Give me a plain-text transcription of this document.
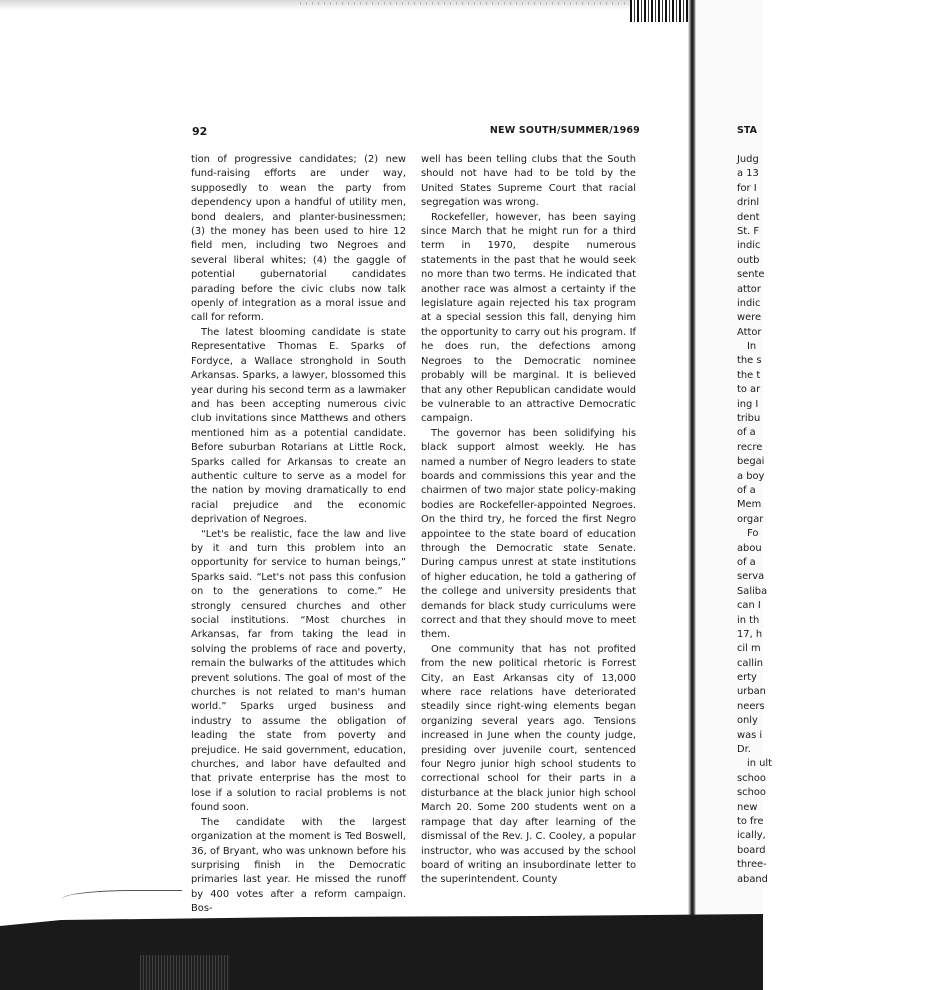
92	NEW SOUTH/SUMMER/1969

tion of progressive candidates; (2) new fund-raising efforts are under way, supposedly to wean the party from dependency upon a handful of utility men, bond dealers, and planter-businessmen; (3) the money has been used to hire 12 field men, including two Negroes and several liberal whites; (4) the gaggle of potential gubernatorial candidates parading before the civic clubs now talk openly of integration as a moral issue and call for reform.

The latest blooming candidate is state Representative Thomas E. Sparks of Fordyce, a Wallace stronghold in South Arkansas. Sparks, a lawyer, blossomed this year during his second term as a lawmaker and has been accepting numerous civic club invitations since Matthews and others mentioned him as a potential candidate. Before suburban Rotarians at Little Rock, Sparks called for Arkansas to create an authentic culture to serve as a model for the nation by moving dramatically to end racial prejudice and the economic deprivation of Negroes.

“Let's be realistic, face the law and live by it and turn this problem into an opportunity for service to human beings,” Sparks said. “Let's not pass this confusion on to the generations to come.” He strongly censured churches and other social institutions. “Most churches in Arkansas, far from taking the lead in solving the problems of race and poverty, remain the bulwarks of the attitudes which prevent solutions. The goal of most of the churches is not related to man's human world.” Sparks urged business and industry to assume the obligation of leading the state from poverty and prejudice. He said government, education, churches, and labor have defaulted and that private enterprise has the most to lose if a solution to racial problems is not found soon.

The candidate with the largest organization at the moment is Ted Boswell, 36, of Bryant, who was unknown before his surprising finish in the Democratic primaries last year. He missed the runoff by 400 votes after a reform campaign. Bos-

well has been telling clubs that the South should not have had to be told by the United States Supreme Court that racial segregation was wrong.

Rockefeller, however, has been saying since March that he might run for a third term in 1970, despite numerous statements in the past that he would seek no more than two terms. He indicated that another race was almost a certainty if the legislature again rejected his tax program at a special session this fall, denying him the opportunity to carry out his program. If he does run, the defections among Negroes to the Democratic nominee probably will be marginal. It is believed that any other Republican candidate would be vulnerable to an attractive Democratic campaign.

The governor has been solidifying his black support almost weekly. He has named a number of Negro leaders to state boards and commissions this year and the chairmen of two major state policy-making bodies are Rockefeller-appointed Negroes. On the third try, he forced the first Negro appointee to the state board of education through the Democratic state Senate. During campus unrest at state institutions of higher education, he told a gathering of the college and university presidents that demands for black study curriculums were correct and that they should move to meet them.

One community that has not profited from the new political rhetoric is Forrest City, an East Arkansas city of 13,000 where race relations have deteriorated steadily since right-wing elements began organizing several years ago. Tensions increased in June when the county judge, presiding over juvenile court, sentenced four Negro junior high school students to correctional school for their parts in a disturbance at the black junior high school March 20. Some 200 students went on a rampage that day after learning of the dismissal of the Rev. J. C. Cooley, a popular instructor, who was accused by the school board of writing an insubordinate letter to the superintendent. County

STA
Judg
a 13
for I
drinl
dent
St. F
indic
outb
sente
attor
indic
were
Attor
In
the s
the t
to ar
ing I
tribu
of a
recre
begai
a boy
of a
Mem
orgar
Fo
abou
of a
serva
Saliba
can I
in th
17, h
cil m
callin
erty
urban
neers
only
was i
Dr.
in ult
schoo
schoo
new
to fre
ically,
board
three-
aband
